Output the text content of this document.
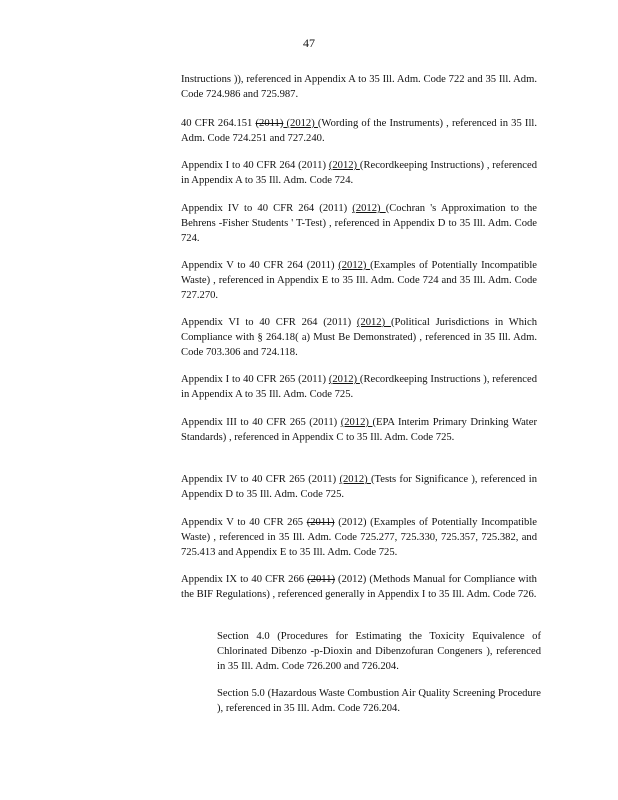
47
Instructions )), referenced in Appendix A to 35 Ill. Adm. Code 722 and 35 Ill. Adm. Code 724.986 and 725.987.
40 CFR 264.151 (2011) (2012) (Wording of the Instruments) , referenced in 35 Ill. Adm. Code 724.251 and 727.240.
Appendix I to 40 CFR 264 (2011) (2012) (Recordkeeping Instructions) , referenced in Appendix A to 35 Ill. Adm. Code 724.
Appendix IV to 40 CFR 264 (2011) (2012) (Cochran 's Approximation to the Behrens -Fisher Students ' T-Test) , referenced in Appendix D to 35 Ill. Adm. Code 724.
Appendix V to 40 CFR 264 (2011) (2012) (Examples of Potentially Incompatible Waste) , referenced in Appendix E to 35 Ill. Adm. Code 724 and 35 Ill. Adm. Code 727.270.
Appendix VI to 40 CFR 264 (2011) (2012) (Political Jurisdictions in Which Compliance with § 264.18( a) Must Be Demonstrated) , referenced in 35 Ill. Adm. Code 703.306 and 724.118.
Appendix I to 40 CFR 265 (2011) (2012) (Recordkeeping Instructions ), referenced in Appendix A to 35 Ill. Adm. Code 725.
Appendix III to 40 CFR 265 (2011) (2012) (EPA Interim Primary Drinking Water Standards) , referenced in Appendix C to 35 Ill. Adm. Code 725.
Appendix IV to 40 CFR 265 (2011) (2012) (Tests for Significance ), referenced in Appendix D to 35 Ill. Adm. Code 725.
Appendix V to 40 CFR 265 (2011) (2012) (Examples of Potentially Incompatible Waste) , referenced in 35 Ill. Adm. Code 725.277, 725.330, 725.357, 725.382, and 725.413 and Appendix E to 35 Ill. Adm. Code 725.
Appendix IX to 40 CFR 266 (2011) (2012) (Methods Manual for Compliance with the BIF Regulations) , referenced generally in Appendix I to 35 Ill. Adm. Code 726.
Section 4.0 (Procedures for Estimating the Toxicity Equivalence of Chlorinated Dibenzo -p-Dioxin and Dibenzofuran Congeners ), referenced in 35 Ill. Adm. Code 726.200 and 726.204.
Section 5.0 (Hazardous Waste Combustion Air Quality Screening Procedure ), referenced in 35 Ill. Adm. Code 726.204.
